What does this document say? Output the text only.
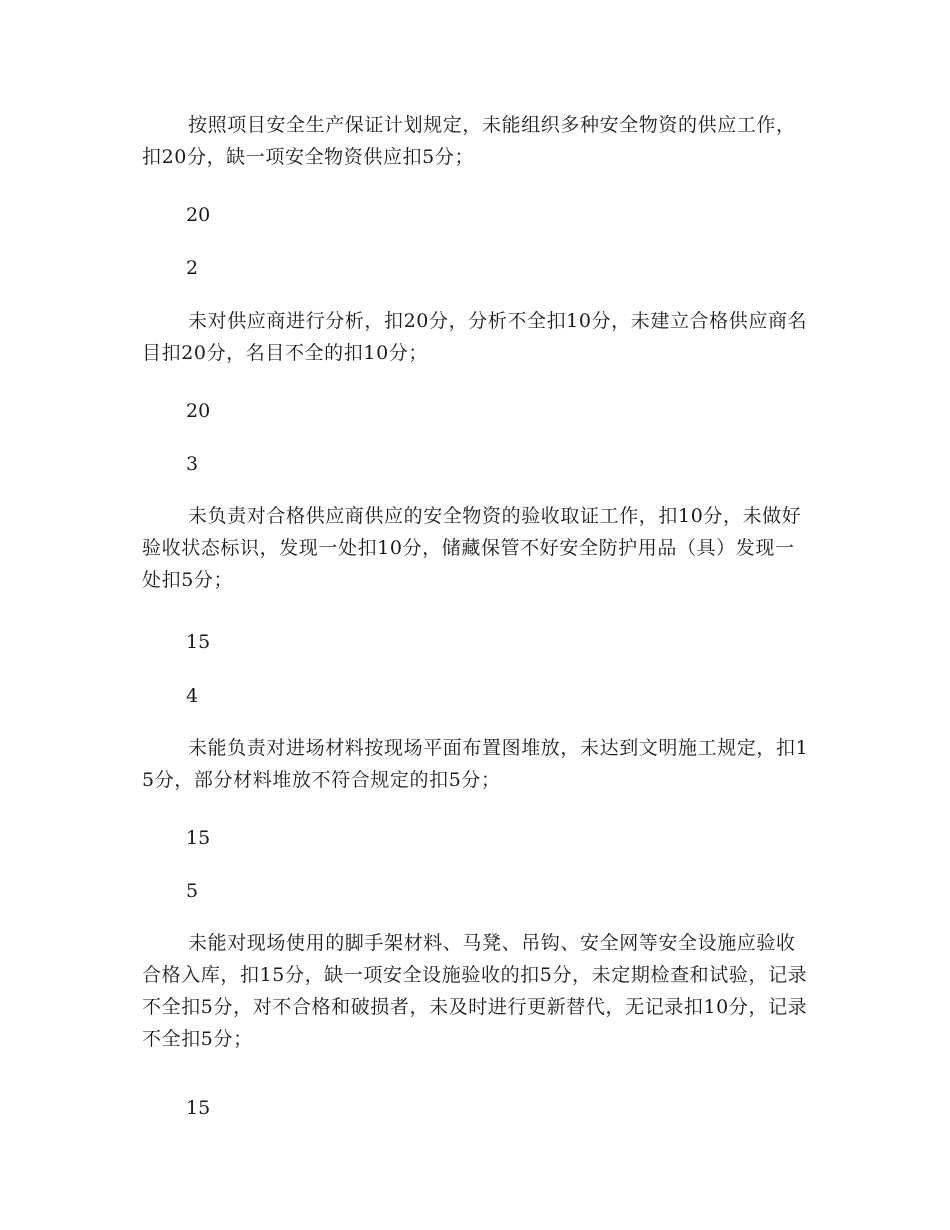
按照项目安全生产保证计划规定，未能组织多种安全物资的供应工作，扣20分，缺一项安全物资供应扣5分；

20

2

未对供应商进行分析，扣20分，分析不全扣10分，未建立合格供应商名目扣20分，名目不全的扣10分；

20

3

未负责对合格供应商供应的安全物资的验收取证工作，扣10分，未做好验收状态标识，发现一处扣10分，储藏保管不好安全防护用品（具）发现一处扣5分；

15

4

未能负责对进场材料按现场平面布置图堆放，未达到文明施工规定，扣15分，部分材料堆放不符合规定的扣5分；

15

5

未能对现场使用的脚手架材料、马凳、吊钩、安全网等安全设施应验收合格入库，扣15分，缺一项安全设施验收的扣5分，未定期检查和试验，记录不全扣5分，对不合格和破损者，未及时进行更新替代，无记录扣10分，记录不全扣5分；

15
